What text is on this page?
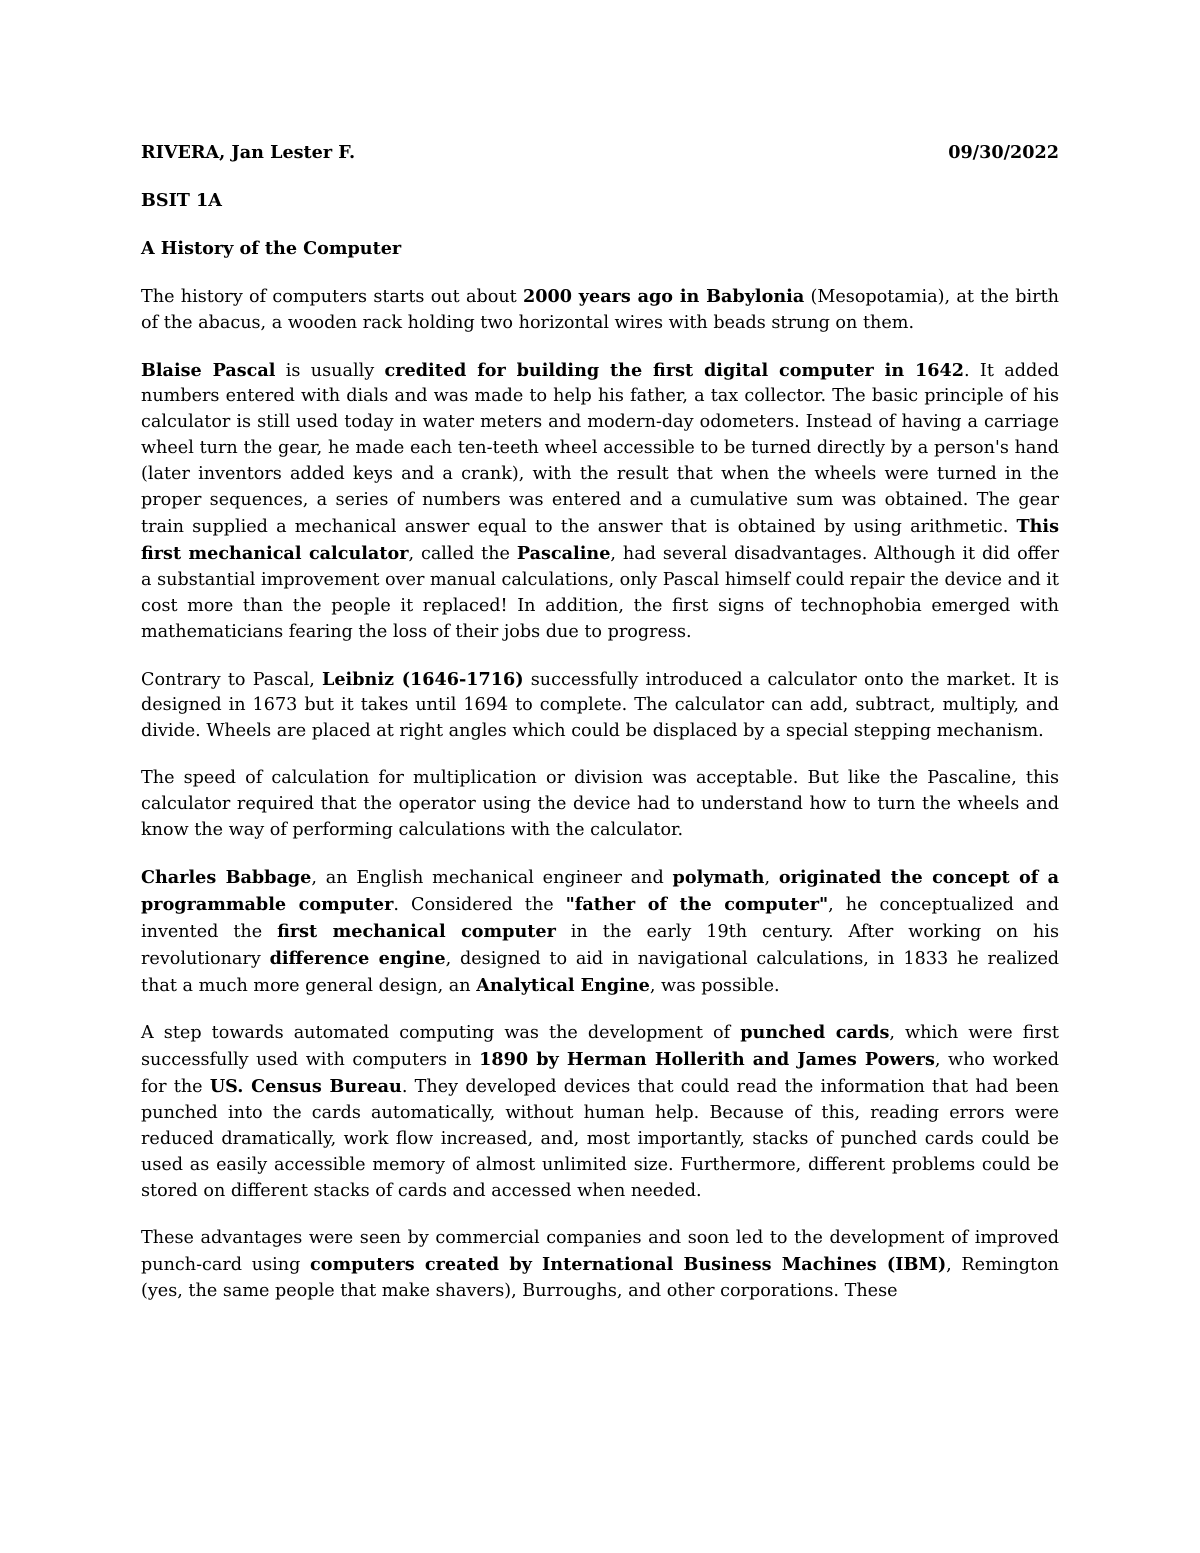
RIVERA, Jan Lester F.	09/30/2022
BSIT 1A
A History of the Computer

The history of computers starts out about 2000 years ago in Babylonia (Mesopotamia), at the birth of the abacus, a wooden rack holding two horizontal wires with beads strung on them.

Blaise Pascal is usually credited for building the first digital computer in 1642. It added numbers entered with dials and was made to help his father, a tax collector. The basic principle of his calculator is still used today in water meters and modern-day odometers. Instead of having a carriage wheel turn the gear, he made each ten-teeth wheel accessible to be turned directly by a person's hand (later inventors added keys and a crank), with the result that when the wheels were turned in the proper sequences, a series of numbers was entered and a cumulative sum was obtained. The gear train supplied a mechanical answer equal to the answer that is obtained by using arithmetic. This first mechanical calculator, called the Pascaline, had several disadvantages. Although it did offer a substantial improvement over manual calculations, only Pascal himself could repair the device and it cost more than the people it replaced! In addition, the first signs of technophobia emerged with mathematicians fearing the loss of their jobs due to progress.

Contrary to Pascal, Leibniz (1646-1716) successfully introduced a calculator onto the market. It is designed in 1673 but it takes until 1694 to complete. The calculator can add, subtract, multiply, and divide. Wheels are placed at right angles which could be displaced by a special stepping mechanism.

The speed of calculation for multiplication or division was acceptable. But like the Pascaline, this calculator required that the operator using the device had to understand how to turn the wheels and know the way of performing calculations with the calculator.

Charles Babbage, an English mechanical engineer and polymath, originated the concept of a programmable computer. Considered the "father of the computer", he conceptualized and invented the first mechanical computer in the early 19th century. After working on his revolutionary difference engine, designed to aid in navigational calculations, in 1833 he realized that a much more general design, an Analytical Engine, was possible.

A step towards automated computing was the development of punched cards, which were first successfully used with computers in 1890 by Herman Hollerith and James Powers, who worked for the US. Census Bureau. They developed devices that could read the information that had been punched into the cards automatically, without human help. Because of this, reading errors were reduced dramatically, work flow increased, and, most importantly, stacks of punched cards could be used as easily accessible memory of almost unlimited size. Furthermore, different problems could be stored on different stacks of cards and accessed when needed.

These advantages were seen by commercial companies and soon led to the development of improved punch-card using computers created by International Business Machines (IBM), Remington (yes, the same people that make shavers), Burroughs, and other corporations. These
